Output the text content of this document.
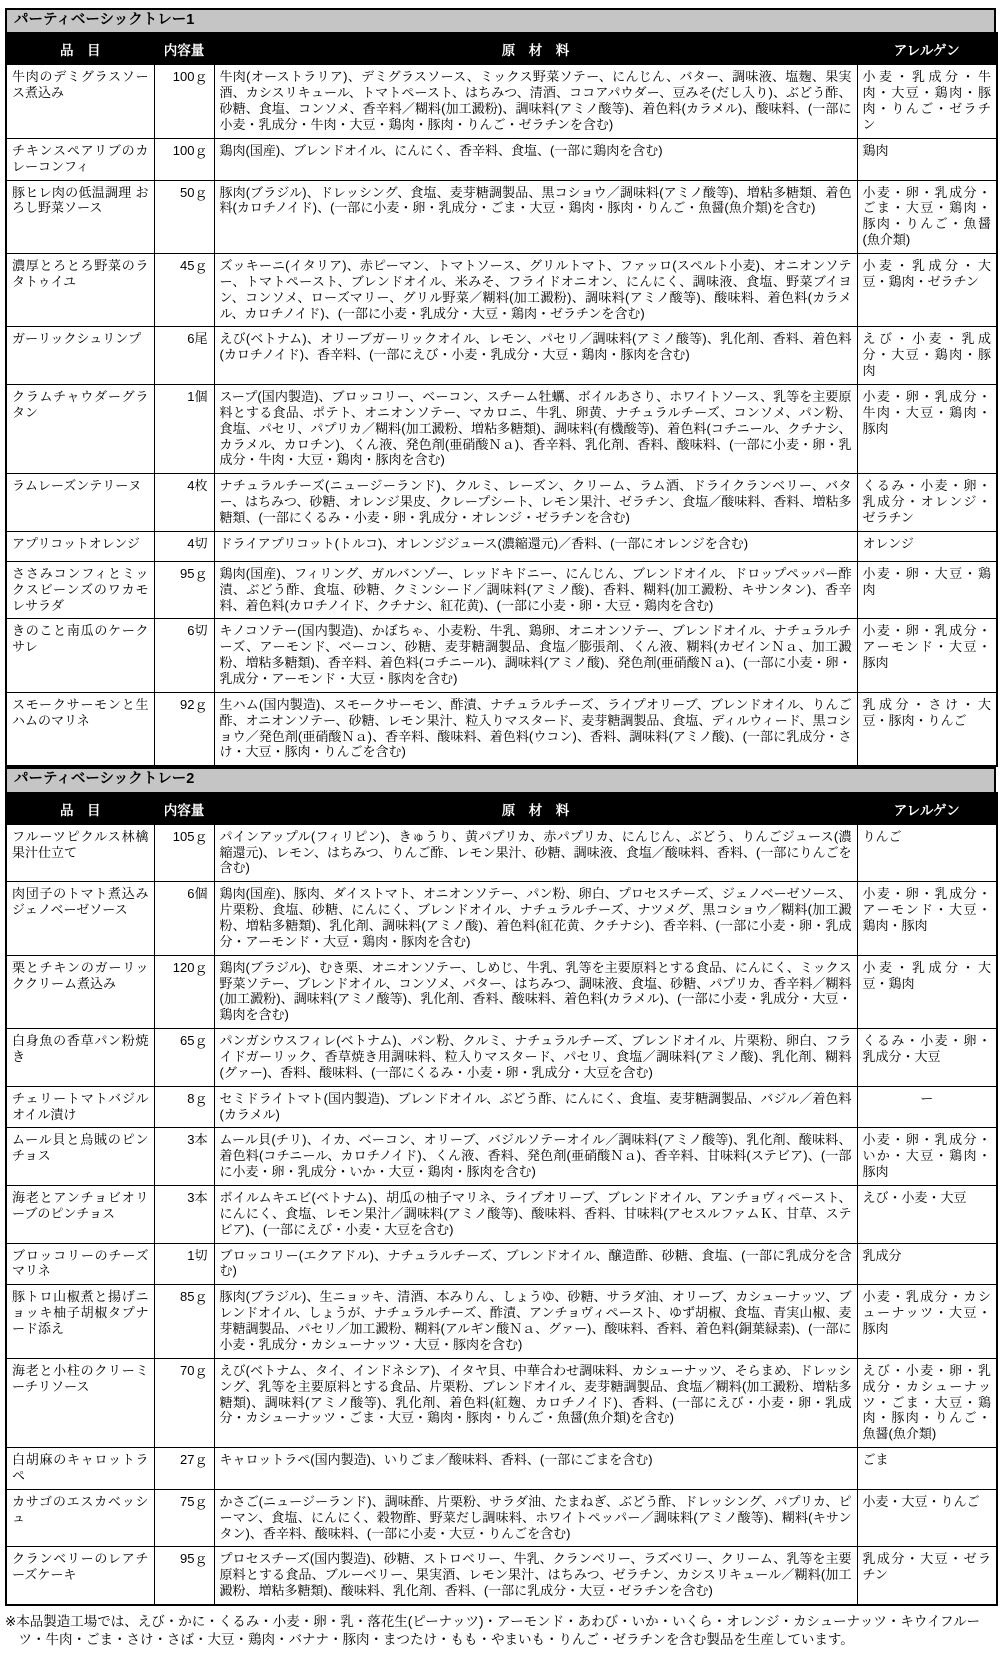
パーティベーシックトレー1
品　目	内容量	原　材　料	アレルゲン
牛肉のデミグラスソース煮込み	100ｇ	牛肉(オーストラリア)、デミグラスソース、ミックス野菜ソテー、にんじん、バター、調味液、塩麹、果実酒、カシスリキュール、トマトペースト、はちみつ、清酒、ココアパウダー、豆みそ(だし入り)、ぶどう酢、砂糖、食塩、コンソメ、香辛料／糊料(加工澱粉)、調味料(アミノ酸等)、着色料(カラメル)、酸味料、(一部に小麦・乳成分・牛肉・大豆・鶏肉・豚肉・りんご・ゼラチンを含む)	小麦・乳成分・牛肉・大豆・鶏肉・豚肉・りんご・ゼラチン
チキンスペアリブのカレーコンフィ	100ｇ	鶏肉(国産)、ブレンドオイル、にんにく、香辛料、食塩、(一部に鶏肉を含む)	鶏肉
豚ヒレ肉の低温調理 おろし野菜ソース	50ｇ	豚肉(ブラジル)、ドレッシング、食塩、麦芽糖調製品、黒コショウ／調味料(アミノ酸等)、増粘多糖類、着色料(カロチノイド)、(一部に小麦・卵・乳成分・ごま・大豆・鶏肉・豚肉・りんご・魚醤(魚介類)を含む)	小麦・卵・乳成分・ごま・大豆・鶏肉・豚肉・りんご・魚醤(魚介類)
濃厚とろとろ野菜のラタトゥイユ	45ｇ	ズッキーニ(イタリア)、赤ピーマン、トマトソース、グリルトマト、ファッロ(スペルト小麦)、オニオンソテー、トマトペースト、ブレンドオイル、米みそ、フライドオニオン、にんにく、調味液、食塩、野菜ブイヨン、コンソメ、ローズマリー、グリル野菜／糊料(加工澱粉)、調味料(アミノ酸等)、酸味料、着色料(カラメル、カロチノイド)、(一部に小麦・乳成分・大豆・鶏肉・ゼラチンを含む)	小麦・乳成分・大豆・鶏肉・ゼラチン
ガーリックシュリンプ	6尾	えび(ベトナム)、オリーブガーリックオイル、レモン、パセリ／調味料(アミノ酸等)、乳化剤、香料、着色料(カロチノイド)、香辛料、(一部にえび・小麦・乳成分・大豆・鶏肉・豚肉を含む)	えび・小麦・乳成分・大豆・鶏肉・豚肉
クラムチャウダーグラタン	1個	スープ(国内製造)、ブロッコリー、ベーコン、スチーム牡蠣、ボイルあさり、ホワイトソース、乳等を主要原料とする食品、ポテト、オニオンソテー、マカロニ、牛乳、卵黄、ナチュラルチーズ、コンソメ、パン粉、食塩、パセリ、パプリカ／糊料(加工澱粉、増粘多糖類)、調味料(有機酸等)、着色料(コチニール、クチナシ、カラメル、カロチン)、くん液、発色剤(亜硝酸Ｎａ)、香辛料、乳化剤、香料、酸味料、(一部に小麦・卵・乳成分・牛肉・大豆・鶏肉・豚肉を含む)	小麦・卵・乳成分・牛肉・大豆・鶏肉・豚肉
ラムレーズンテリーヌ	4枚	ナチュラルチーズ(ニュージーランド)、クルミ、レーズン、クリーム、ラム酒、ドライクランベリー、バター、はちみつ、砂糖、オレンジ果皮、クレープシート、レモン果汁、ゼラチン、食塩／酸味料、香料、増粘多糖類、(一部にくるみ・小麦・卵・乳成分・オレンジ・ゼラチンを含む)	くるみ・小麦・卵・乳成分・オレンジ・ゼラチン
アプリコットオレンジ	4切	ドライアプリコット(トルコ)、オレンジジュース(濃縮還元)／香料、(一部にオレンジを含む)	オレンジ
ささみコンフィとミックスビーンズのワカモレサラダ	95ｇ	鶏肉(国産)、フィリング、ガルバンゾー、レッドキドニー、にんじん、ブレンドオイル、ドロップペッパー酢漬、ぶどう酢、食塩、砂糖、クミンシード／調味料(アミノ酸)、香料、糊料(加工澱粉、キサンタン)、香辛料、着色料(カロチノイド、クチナシ、紅花黄)、(一部に小麦・卵・大豆・鶏肉を含む)	小麦・卵・大豆・鶏肉
きのこと南瓜のケークサレ	6切	キノコソテー(国内製造)、かぼちゃ、小麦粉、牛乳、鶏卵、オニオンソテー、ブレンドオイル、ナチュラルチーズ、アーモンド、ベーコン、砂糖、麦芽糖調製品、食塩／膨張剤、くん液、糊料(カゼインＮａ、加工澱粉、増粘多糖類)、香辛料、着色料(コチニール)、調味料(アミノ酸)、発色剤(亜硝酸Ｎａ)、(一部に小麦・卵・乳成分・アーモンド・大豆・豚肉を含む)	小麦・卵・乳成分・アーモンド・大豆・豚肉
スモークサーモンと生ハムのマリネ	92ｇ	生ハム(国内製造)、スモークサーモン、酢漬、ナチュラルチーズ、ライプオリーブ、ブレンドオイル、りんご酢、オニオンソテー、砂糖、レモン果汁、粒入りマスタード、麦芽糖調製品、食塩、ディルウィード、黒コショウ／発色剤(亜硝酸Ｎａ)、香辛料、酸味料、着色料(ウコン)、香料、調味料(アミノ酸)、(一部に乳成分・さけ・大豆・豚肉・りんごを含む)	乳成分・さけ・大豆・豚肉・りんご
パーティベーシックトレー2
品　目	内容量	原　材　料	アレルゲン
フルーツピクルス林檎果汁仕立て	105ｇ	パインアップル(フィリピン)、きゅうり、黄パプリカ、赤パプリカ、にんじん、ぶどう、りんごジュース(濃縮還元)、レモン、はちみつ、りんご酢、レモン果汁、砂糖、調味液、食塩／酸味料、香料、(一部にりんごを含む)	りんご
肉団子のトマト煮込みジェノベーゼソース	6個	鶏肉(国産)、豚肉、ダイストマト、オニオンソテー、パン粉、卵白、プロセスチーズ、ジェノベーゼソース、片栗粉、食塩、砂糖、にんにく、ブレンドオイル、ナチュラルチーズ、ナツメグ、黒コショウ／糊料(加工澱粉、増粘多糖類)、乳化剤、調味料(アミノ酸)、着色料(紅花黄、クチナシ)、香辛料、(一部に小麦・卵・乳成分・アーモンド・大豆・鶏肉・豚肉を含む)	小麦・卵・乳成分・アーモンド・大豆・鶏肉・豚肉
栗とチキンのガーリッククリーム煮込み	120ｇ	鶏肉(ブラジル)、むき栗、オニオンソテー、しめじ、牛乳、乳等を主要原料とする食品、にんにく、ミックス野菜ソテー、ブレンドオイル、コンソメ、バター、はちみつ、調味液、食塩、砂糖、パプリカ、香辛料／糊料(加工澱粉)、調味料(アミノ酸等)、乳化剤、香料、酸味料、着色料(カラメル)、(一部に小麦・乳成分・大豆・鶏肉を含む)	小麦・乳成分・大豆・鶏肉
白身魚の香草パン粉焼き	65ｇ	パンガシウスフィレ(ベトナム)、パン粉、クルミ、ナチュラルチーズ、ブレンドオイル、片栗粉、卵白、フライドガーリック、香草焼き用調味料、粒入りマスタード、パセリ、食塩／調味料(アミノ酸)、乳化剤、糊料(グァー)、香料、酸味料、(一部にくるみ・小麦・卵・乳成分・大豆を含む)	くるみ・小麦・卵・乳成分・大豆
チェリートマトバジルオイル漬け	8ｇ	セミドライトマト(国内製造)、ブレンドオイル、ぶどう酢、にんにく、食塩、麦芽糖調製品、バジル／着色料(カラメル)	ー
ムール貝と烏賊のピンチョス	3本	ムール貝(チリ)、イカ、ベーコン、オリーブ、バジルソテーオイル／調味料(アミノ酸等)、乳化剤、酸味料、着色料(コチニール、カロチノイド)、くん液、香料、発色剤(亜硝酸Ｎａ)、香辛料、甘味料(ステビア)、(一部に小麦・卵・乳成分・いか・大豆・鶏肉・豚肉を含む)	小麦・卵・乳成分・いか・大豆・鶏肉・豚肉
海老とアンチョビオリーブのピンチョス	3本	ボイルムキエビ(ベトナム)、胡瓜の柚子マリネ、ライプオリーブ、ブレンドオイル、アンチョヴィペースト、にんにく、食塩、レモン果汁／調味料(アミノ酸等)、酸味料、香料、甘味料(アセスルファムＫ、甘草、ステビア)、(一部にえび・小麦・大豆を含む)	えび・小麦・大豆
ブロッコリーのチーズマリネ	1切	ブロッコリー(エクアドル)、ナチュラルチーズ、ブレンドオイル、醸造酢、砂糖、食塩、(一部に乳成分を含む)	乳成分
豚トロ山椒煮と揚げニョッキ柚子胡椒タプナード添え	85ｇ	豚肉(ブラジル)、生ニョッキ、清酒、本みりん、しょうゆ、砂糖、サラダ油、オリーブ、カシューナッツ、ブレンドオイル、しょうが、ナチュラルチーズ、酢漬、アンチョヴィペースト、ゆず胡椒、食塩、青実山椒、麦芽糖調製品、パセリ／加工澱粉、糊料(アルギン酸Ｎａ、グァー)、酸味料、香料、着色料(銅葉緑素)、(一部に小麦・乳成分・カシューナッツ・大豆・豚肉を含む)	小麦・乳成分・カシューナッツ・大豆・豚肉
海老と小柱のクリーミーチリソース	70ｇ	えび(ベトナム、タイ、インドネシア)、イタヤ貝、中華合わせ調味料、カシューナッツ、そらまめ、ドレッシング、乳等を主要原料とする食品、片栗粉、ブレンドオイル、麦芽糖調製品、食塩／糊料(加工澱粉、増粘多糖類)、調味料(アミノ酸等)、乳化剤、着色料(紅麹、カロチノイド)、香料、(一部にえび・小麦・卵・乳成分・カシューナッツ・ごま・大豆・鶏肉・豚肉・りんご・魚醤(魚介類)を含む)	えび・小麦・卵・乳成分・カシューナッツ・ごま・大豆・鶏肉・豚肉・りんご・魚醤(魚介類)
白胡麻のキャロットラペ	27ｇ	キャロットラペ(国内製造)、いりごま／酸味料、香料、(一部にごまを含む)	ごま
カサゴのエスカベッシュ	75ｇ	かさご(ニュージーランド)、調味酢、片栗粉、サラダ油、たまねぎ、ぶどう酢、ドレッシング、パプリカ、ピーマン、食塩、にんにく、穀物酢、野菜だし調味料、ホワイトペッパー／調味料(アミノ酸等)、糊料(キサンタン)、香辛料、酸味料、(一部に小麦・大豆・りんごを含む)	小麦・大豆・りんご
クランベリーのレアチーズケーキ	95ｇ	プロセスチーズ(国内製造)、砂糖、ストロベリー、牛乳、クランベリー、ラズベリー、クリーム、乳等を主要原料とする食品、ブルーベリー、果実酒、レモン果汁、はちみつ、ゼラチン、カシスリキュール／糊料(加工澱粉、増粘多糖類)、酸味料、乳化剤、香料、(一部に乳成分・大豆・ゼラチンを含む)	乳成分・大豆・ゼラチン

※本品製造工場では、えび・かに・くるみ・小麦・卵・乳・落花生(ピーナッツ)・アーモンド・あわび・いか・いくら・オレンジ・カシューナッツ・キウイフルーツ・牛肉・ごま・さけ・さば・大豆・鶏肉・バナナ・豚肉・まつたけ・もも・やまいも・りんご・ゼラチンを含む製品を生産しています。
